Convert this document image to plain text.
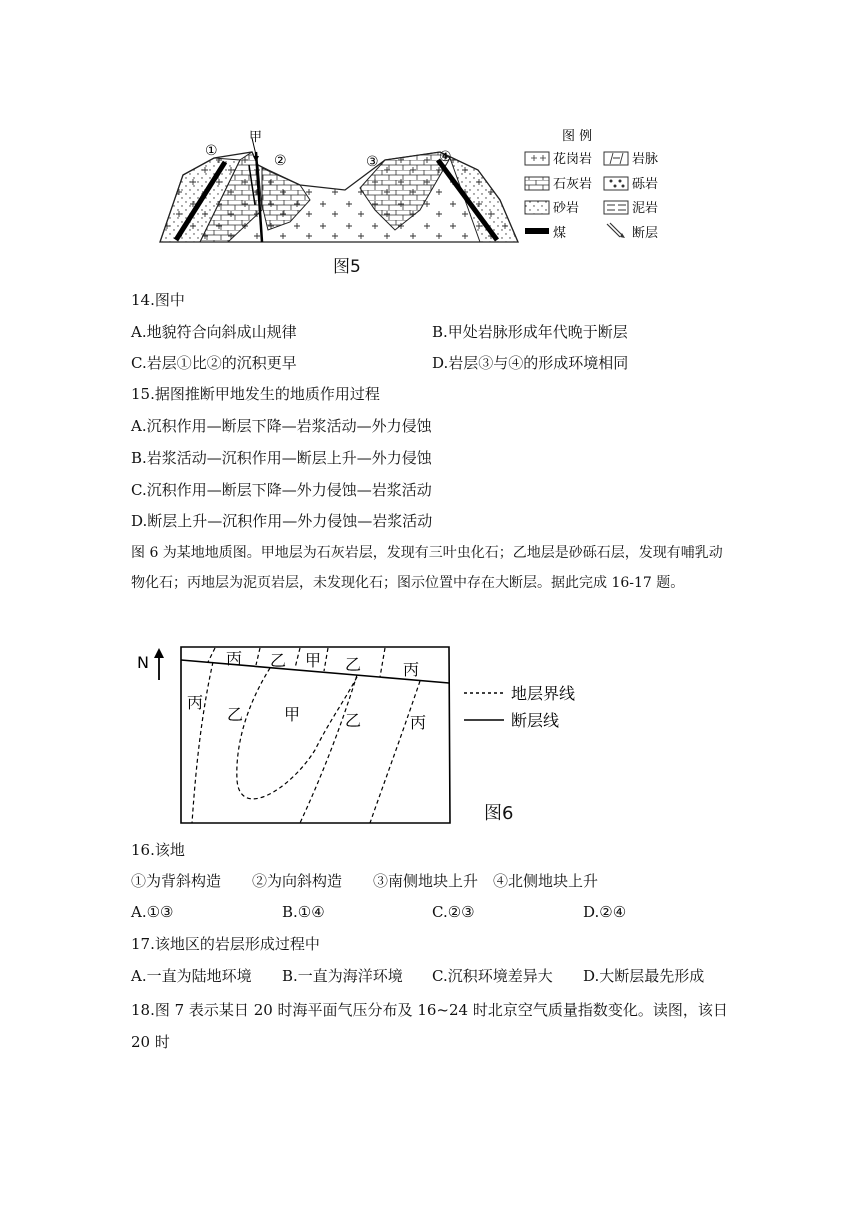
①
甲
②	③	④
图 例
花岗岩	岩脉
石灰岩	砾岩
砂岩	泥岩
煤	断层
图5
14.图中
A.地貌符合向斜成山规律	B.甲处岩脉形成年代晚于断层
C.岩层①比②的沉积更早	D.岩层③与④的形成环境相同
15.据图推断甲地发生的地质作用过程
A.沉积作用—断层下降—岩浆活动—外力侵蚀
B.岩浆活动—沉积作用—断层上升—外力侵蚀
C.沉积作用—断层下降—外力侵蚀—岩浆活动
D.断层上升—沉积作用—外力侵蚀—岩浆活动
图 6 为某地地质图。甲地层为石灰岩层，发现有三叶虫化石；乙地层是砂砾石层，发现有哺乳动物化石；丙地层为泥页岩层，未发现化石；图示位置中存在大断层。据此完成 16-17 题。
N	丙 乙 甲 乙	丙
丙
乙	甲	乙	丙
地层界线
断层线
图6
16.该地
①为背斜构造 ②为向斜构造 ③南侧地块上升 ④北侧地块上升
A.①③	B.①④	C.②③	D.②④
17.该地区的岩层形成过程中
A.一直为陆地环境 B.一直为海洋环境 C.沉积环境差异大 D.大断层最先形成
18.图 7 表示某日 20 时海平面气压分布及 16~24 时北京空气质量指数变化。读图，该日 20 时
